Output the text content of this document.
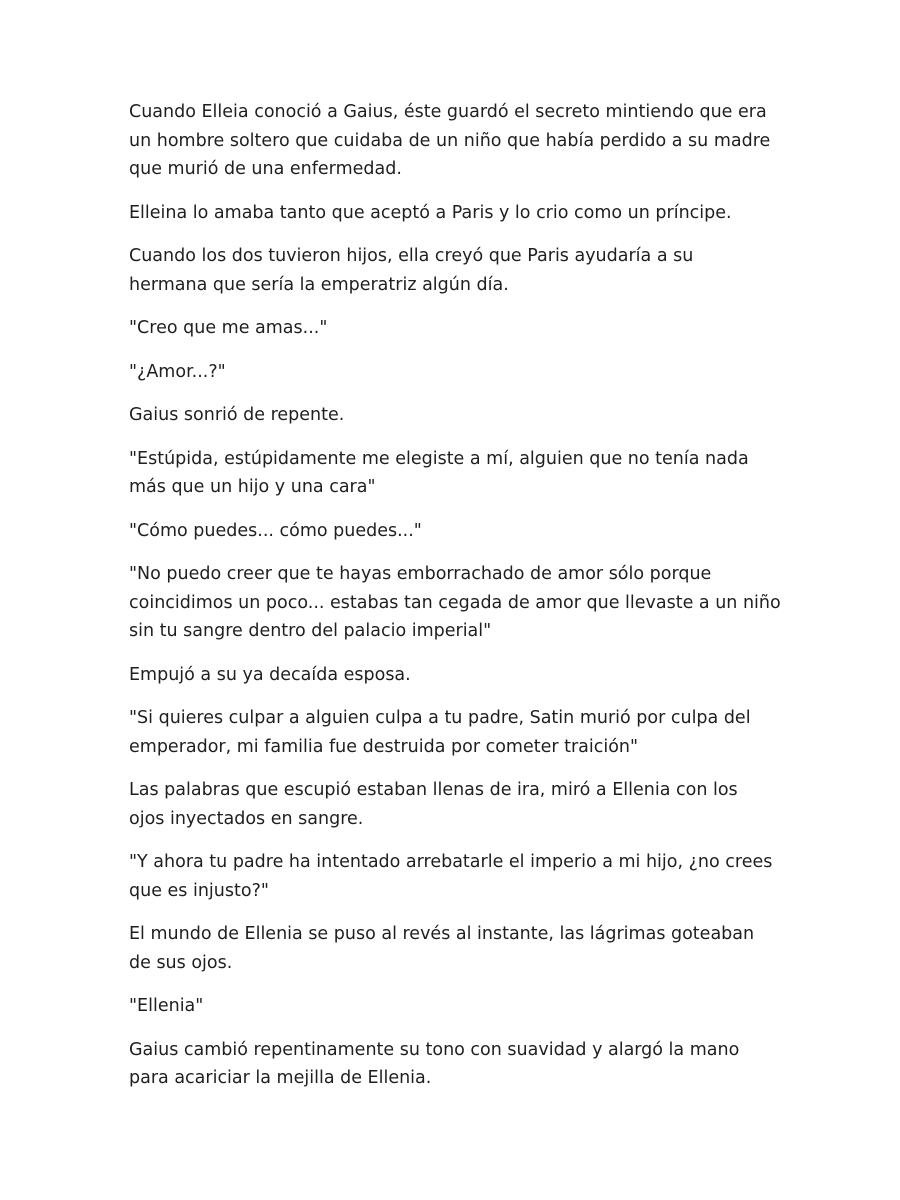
Cuando Elleia conoció a Gaius, éste guardó el secreto mintiendo que era
un hombre soltero que cuidaba de un niño que había perdido a su madre
que murió de una enfermedad.

Elleina lo amaba tanto que aceptó a Paris y lo crio como un príncipe.

Cuando los dos tuvieron hijos, ella creyó que Paris ayudaría a su
hermana que sería la emperatriz algún día.

"Creo que me amas..."

"¿Amor...?"

Gaius sonrió de repente.

"Estúpida, estúpidamente me elegiste a mí, alguien que no tenía nada
más que un hijo y una cara"

"Cómo puedes... cómo puedes..."

"No puedo creer que te hayas emborrachado de amor sólo porque
coincidimos un poco... estabas tan cegada de amor que llevaste a un niño
sin tu sangre dentro del palacio imperial"

Empujó a su ya decaída esposa.

"Si quieres culpar a alguien culpa a tu padre, Satin murió por culpa del
emperador, mi familia fue destruida por cometer traición"

Las palabras que escupió estaban llenas de ira, miró a Ellenia con los
ojos inyectados en sangre.

"Y ahora tu padre ha intentado arrebatarle el imperio a mi hijo, ¿no crees
que es injusto?"

El mundo de Ellenia se puso al revés al instante, las lágrimas goteaban
de sus ojos.

"Ellenia"

Gaius cambió repentinamente su tono con suavidad y alargó la mano
para acariciar la mejilla de Ellenia.
